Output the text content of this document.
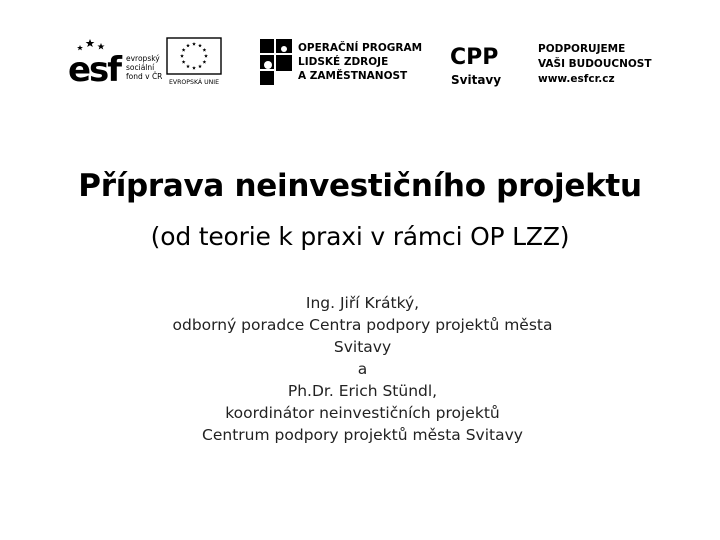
esf evropský
sociální
fond v ČR
EVROPSKÁ UNIE
OPERAČNÍ PROGRAM
LIDSKÉ ZDROJE
A ZAMĚSTNANOST
CPP
Svitavy
PODPORUJEME
VAŠI BUDOUCNOST
www.esfcr.cz
Příprava neinvestičního projektu
(od teorie k praxi v rámci OP LZZ)
Ing. Jiří Krátký,
odborný poradce Centra podpory projektů města
Svitavy
a
Ph.Dr. Erich Stündl,
koordinátor neinvestičních projektů
Centrum podpory projektů města Svitavy
